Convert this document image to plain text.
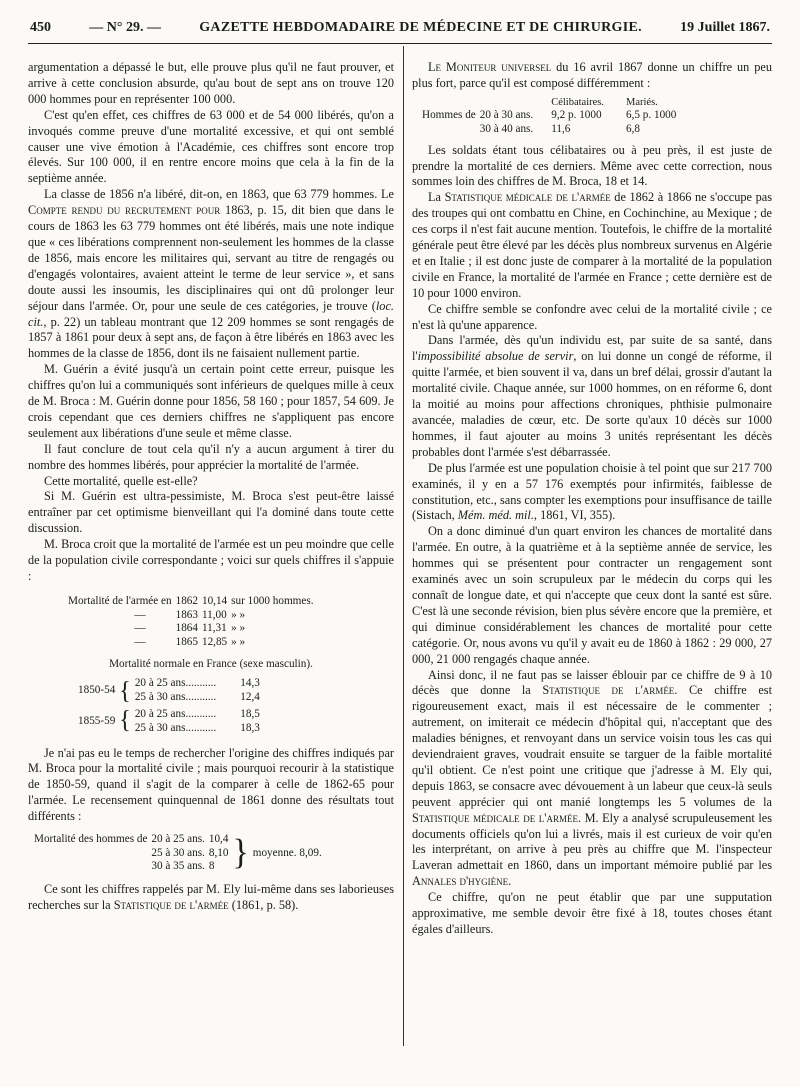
450	— N° 29. —	GAZETTE HEBDOMADAIRE DE MÉDECINE ET DE CHIRURGIE.	19 Juillet 1867.

argumentation a dépassé le but, elle prouve plus qu'il ne faut prouver, et arrive à cette conclusion absurde, qu'au bout de sept ans on trouve 120 000 hommes pour en représenter 100 000.

C'est qu'en effet, ces chiffres de 63 000 et de 54 000 libérés, qu'on a invoqués comme preuve d'une mortalité excessive, et qui ont semblé causer une vive émotion à l'Académie, ces chiffres sont encore trop élevés. Sur 100 000, il en rentre encore moins que cela à la fin de la septième année.

La classe de 1856 n'a libéré, dit-on, en 1863, que 63 779 hommes. Le Compte rendu du recrutement pour 1863, p. 15, dit bien que dans le cours de 1863 les 63 779 hommes ont été libérés, mais une note indique que « ces libérations comprennent non-seulement les hommes de la classe de 1856, mais encore les militaires qui, servant au titre de rengagés ou d'engagés volontaires, avaient atteint le terme de leur service », et sans doute aussi les insoumis, les disciplinaires qui ont dû prolonger leur séjour dans l'armée. Or, pour une seule de ces catégories, je trouve (loc. cit., p. 22) un tableau montrant que 12 209 hommes se sont rengagés de 1857 à 1861 pour deux à sept ans, de façon à être libérés en 1863 avec les hommes de la classe de 1856, dont ils ne faisaient nullement partie.

M. Guérin a évité jusqu'à un certain point cette erreur, puisque les chiffres qu'on lui a communiqués sont inférieurs de quelques mille à ceux de M. Broca : M. Guérin donne pour 1856, 58 160 ; pour 1857, 54 609. Je crois cependant que ces derniers chiffres ne s'appliquent pas encore seulement aux libérations d'une seule et même classe.

Il faut conclure de tout cela qu'il n'y a aucun argument à tirer du nombre des hommes libérés, pour apprécier la mortalité de l'armée.

Cette mortalité, quelle est-elle?

Si M. Guérin est ultra-pessimiste, M. Broca s'est peut-être laissé entraîner par cet optimisme bienveillant qui l'a dominé dans toute cette discussion.

M. Broca croit que la mortalité de l'armée est un peu moindre que celle de la population civile correspondante ; voici sur quels chiffres il s'appuie :

Mortalité de l'armée en	1862	10,14	sur 1000 hommes.
—	1863	11,00	» »
—	1864	11,31	» »
—	1865	12,85	» »
Mortalité normale en France (sexe masculin).
1850-54	{	20 à 25 ans...........	14,3
		25 à 30 ans...........	12,4
1855-59	{	20 à 25 ans...........	18,5
		25 à 30 ans...........	18,3

Je n'ai pas eu le temps de rechercher l'origine des chiffres indiqués par M. Broca pour la mortalité civile ; mais pourquoi recourir à la statistique de 1850-59, quand il s'agit de la comparer à celle de 1862-65 pour l'armée. Le recensement quinquennal de 1861 donne des résultats tout différents :

Mortalité des hommes de	20 à 25 ans.	10,4	}	moyenne. 8,09.
	25 à 30 ans.	8,10		
	30 à 35 ans.	8		

Ce sont les chiffres rappelés par M. Ely lui-même dans ses laborieuses recherches sur la Statistique de l'armée (1861, p. 58).

Le Moniteur universel du 16 avril 1867 donne un chiffre un peu plus fort, parce qu'il est composé différemment :

		Célibataires.	Mariés.
Hommes de	20 à 30 ans.	9,2 p. 1000	6,5 p. 1000
	30 à 40 ans.	11,6	6,8

Les soldats étant tous célibataires ou à peu près, il est juste de prendre la mortalité de ces derniers. Même avec cette correction, nous sommes loin des chiffres de M. Broca, 18 et 14.

La Statistique médicale de l'armée de 1862 à 1866 ne s'occupe pas des troupes qui ont combattu en Chine, en Cochinchine, au Mexique ; de ces corps il n'est fait aucune mention. Toutefois, le chiffre de la mortalité générale peut être élevé par les décès plus nombreux survenus en Algérie et en Italie ; il est donc juste de comparer à la mortalité de la population civile en France, la mortalité de l'armée en France ; cette dernière est de 10 pour 1000 environ.

Ce chiffre semble se confondre avec celui de la mortalité civile ; ce n'est là qu'une apparence.

Dans l'armée, dès qu'un individu est, par suite de sa santé, dans l'impossibilité absolue de servir, on lui donne un congé de réforme, il quitte l'armée, et bien souvent il va, dans un bref délai, grossir d'autant la mortalité civile. Chaque année, sur 1000 hommes, on en réforme 6, dont la moitié au moins pour affections chroniques, phthisie pulmonaire avancée, maladies de cœur, etc. De sorte qu'aux 10 décès sur 1000 hommes, il faut ajouter au moins 3 unités représentant les décès probables dont l'armée s'est débarrassée.

De plus l'armée est une population choisie à tel point que sur 217 700 examinés, il y en a 57 176 exemptés pour infirmités, faiblesse de constitution, etc., sans compter les exemptions pour insuffisance de taille (Sistach, Mém. méd. mil., 1861, VI, 355).

On a donc diminué d'un quart environ les chances de mortalité dans l'armée. En outre, à la quatrième et à la septième année de service, les hommes qui se présentent pour contracter un rengagement sont examinés avec un soin scrupuleux par le médecin du corps qui les connaît de longue date, et qui n'accepte que ceux dont la santé est sûre. C'est là une seconde révision, bien plus sévère encore que la première, et qui diminue considérablement les chances de mortalité pour cette catégorie. Or, nous avons vu qu'il y avait eu de 1860 à 1862 : 29 000, 27 000, 21 000 rengagés chaque année.

Ainsi donc, il ne faut pas se laisser éblouir par ce chiffre de 9 à 10 décès que donne la Statistique de l'armée. Ce chiffre est rigoureusement exact, mais il est nécessaire de le commenter ; autrement, on imiterait ce médecin d'hôpital qui, n'acceptant que des maladies bénignes, et renvoyant dans un service voisin tous les cas qui deviendraient graves, voudrait ensuite se targuer de la faible mortalité qu'il obtient. Ce n'est point une critique que j'adresse à M. Ely qui, depuis 1863, se consacre avec dévouement à un labeur que ceux-là seuls peuvent apprécier qui ont manié longtemps les 5 volumes de la Statistique médicale de l'armée. M. Ely a analysé scrupuleusement les documents officiels qu'on lui a livrés, mais il est curieux de voir qu'en les interprétant, on arrive à peu près au chiffre que M. l'inspecteur Laveran admettait en 1860, dans un important mémoire publié par les Annales d'hygiène.

Ce chiffre, qu'on ne peut établir que par une supputation approximative, me semble devoir être fixé à 18, toutes choses étant égales d'ailleurs.
